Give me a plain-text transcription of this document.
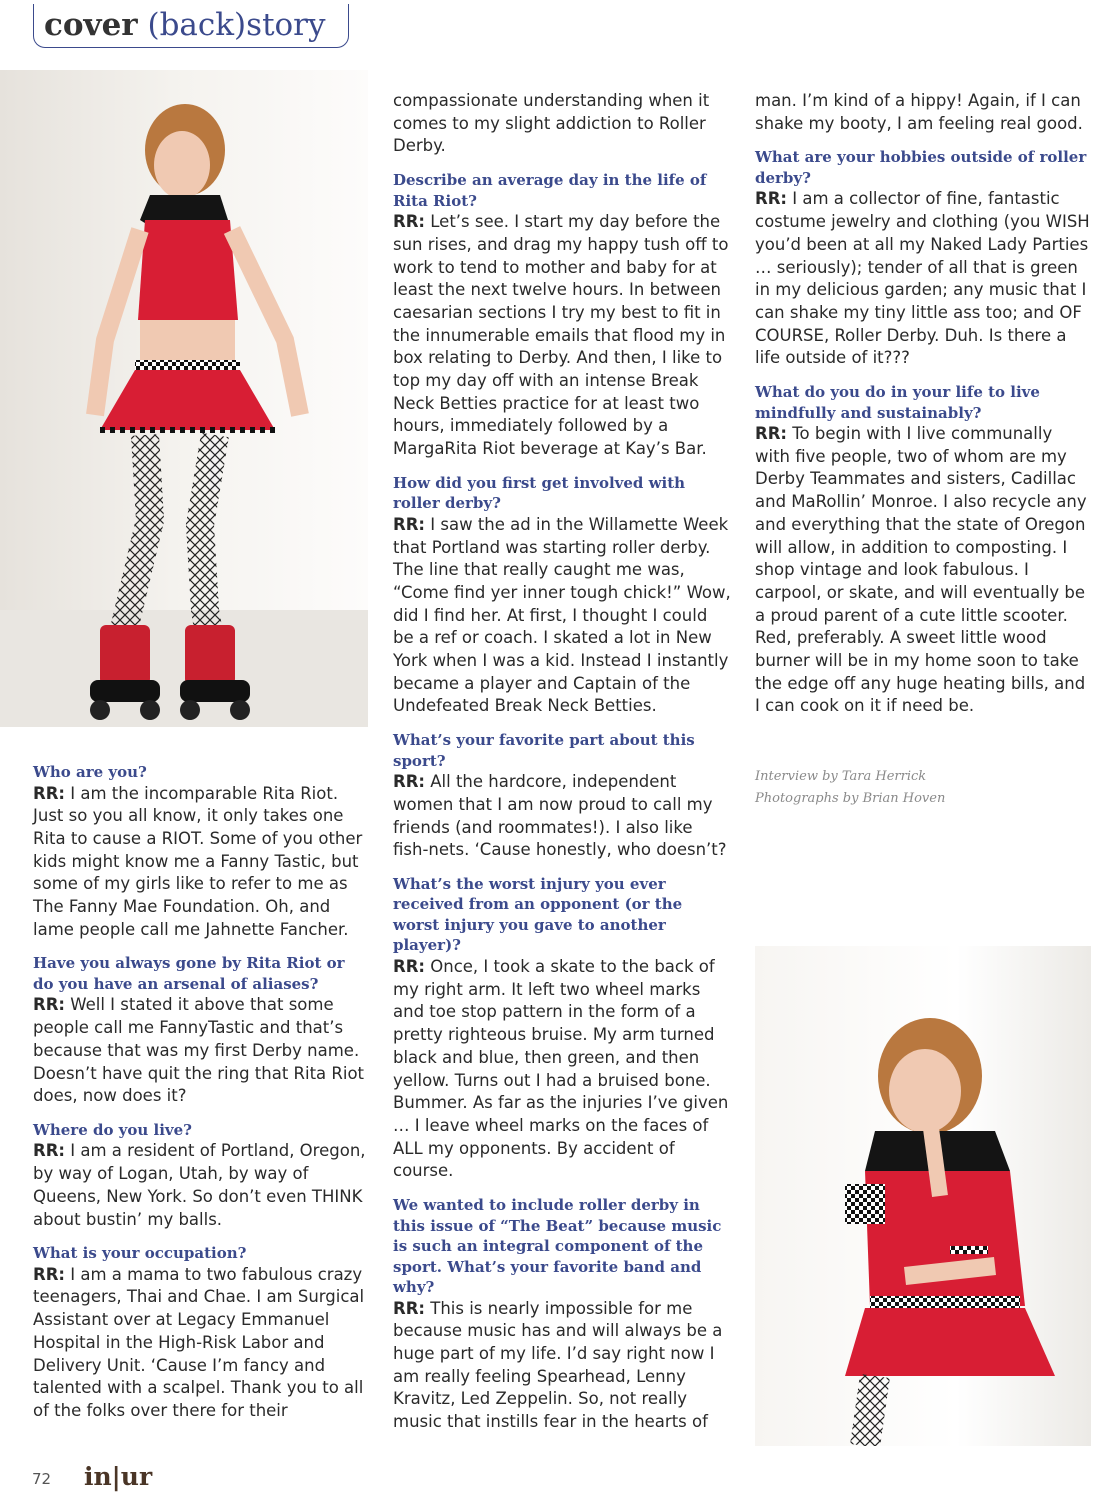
cover (back)story

Who are you?
RR: I am the incomparable Rita Riot. Just so you all know, it only takes one Rita to cause a RIOT. Some of you other kids might know me a Fanny Tastic, but some of my girls like to refer to me as The Fanny Mae Foundation. Oh, and lame people call me Jahnette Fancher.

Have you always gone by Rita Riot or do you have an arsenal of aliases?
RR: Well I stated it above that some people call me FannyTastic and that’s because that was my first Derby name. Doesn’t have quit the ring that Rita Riot does, now does it?

Where do you live?
RR: I am a resident of Portland, Oregon, by way of Logan, Utah, by way of Queens, New York. So don’t even THINK about bustin’ my balls.

What is your occupation?
RR: I am a mama to two fabulous crazy teenagers, Thai and Chae. I am Surgical Assistant over at Legacy Emmanuel Hospital in the High-Risk Labor and Delivery Unit. ‘Cause I’m fancy and talented with a scalpel. Thank you to all of the folks over there for their

compassionate understanding when it comes to my slight addiction to Roller Derby.

Describe an average day in the life of Rita Riot?
RR: Let’s see. I start my day before the sun rises, and drag my happy tush off to work to tend to mother and baby for at least the next twelve hours. In between caesarian sections I try my best to fit in the innumerable emails that flood my in box relating to Derby. And then, I like to top my day off with an intense Break Neck Betties practice for at least two hours, immediately followed by a MargaRita Riot beverage at Kay’s Bar.

How did you first get involved with roller derby?
RR: I saw the ad in the Willamette Week that Portland was starting roller derby. The line that really caught me was, “Come find yer inner tough chick!” Wow, did I find her. At first, I thought I could be a ref or coach. I skated a lot in New York when I was a kid. Instead I instantly became a player and Captain of the Undefeated Break Neck Betties.

What’s your favorite part about this sport?
RR: All the hardcore, independent women that I am now proud to call my friends (and roommates!). I also like fish-nets. ‘Cause honestly, who doesn’t?

What’s the worst injury you ever received from an opponent (or the worst injury you gave to another player)?
RR: Once, I took a skate to the back of my right arm. It left two wheel marks and toe stop pattern in the form of a pretty righteous bruise. My arm turned black and blue, then green, and then yellow. Turns out I had a bruised bone. Bummer. As far as the injuries I’ve given … I leave wheel marks on the faces of ALL my opponents. By accident of course.

We wanted to include roller derby in this issue of “The Beat” because music is such an integral component of the sport. What’s your favorite band and why?
RR: This is nearly impossible for me because music has and will always be a huge part of my life. I’d say right now I am really feeling Spearhead, Lenny Kravitz, Led Zeppelin. So, not really music that instills fear in the hearts of

man. I’m kind of a hippy! Again, if I can shake my booty, I am feeling real good.

What are your hobbies outside of roller derby?
RR: I am a collector of fine, fantastic costume jewelry and clothing (you WISH you’d been at all my Naked Lady Parties … seriously); tender of all that is green in my delicious garden; any music that I can shake my tiny little ass too; and OF COURSE, Roller Derby. Duh. Is there a life outside of it???

What do you do in your life to live mindfully and sustainably?
RR: To begin with I live communally with five people, two of whom are my Derby Teammates and sisters, Cadillac and MaRollin’ Monroe. I also recycle any and everything that the state of Oregon will allow, in addition to composting. I shop vintage and look fabulous. I carpool, or skate, and will eventually be a proud parent of a cute little scooter. Red, preferably. A sweet little wood burner will be in my home soon to take the edge off any huge heating bills, and I can cook on it if need be.

Interview by Tara Herrick
Photographs by Brian Hoven
72 in|ur
